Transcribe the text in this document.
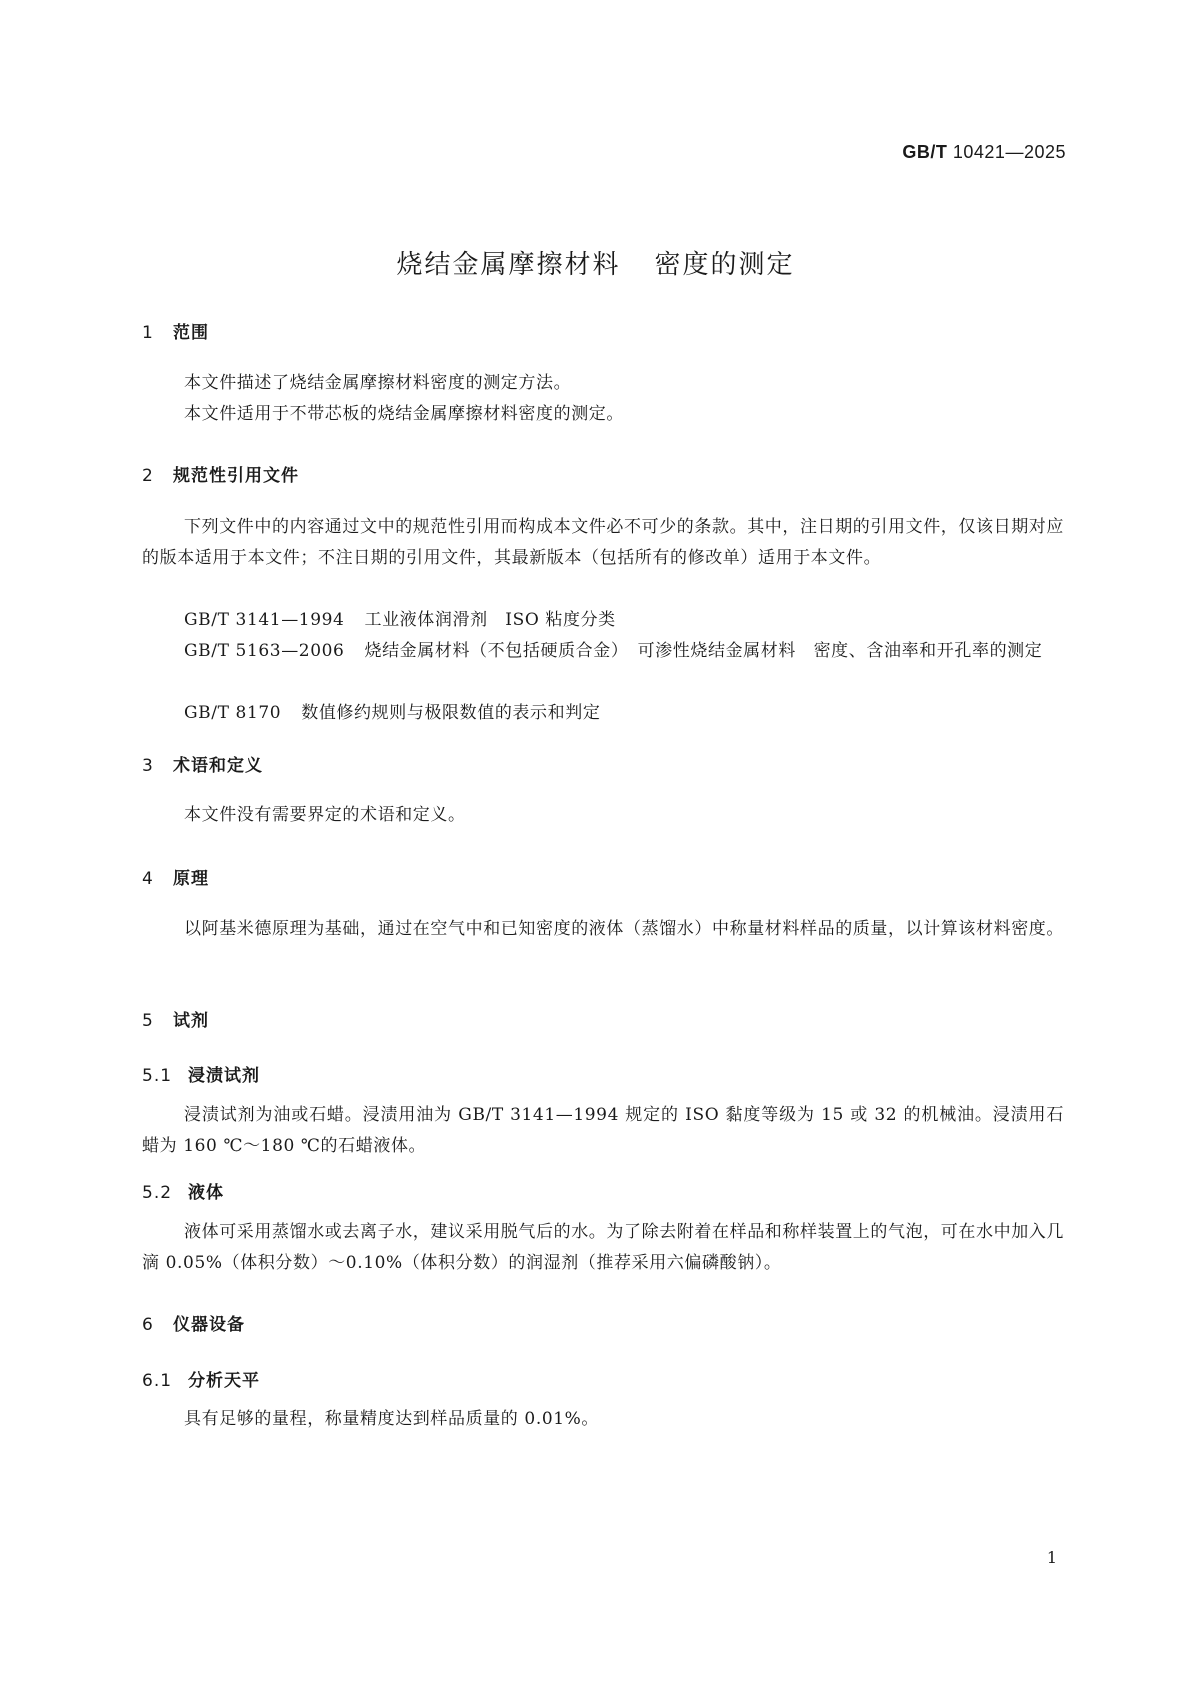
GB/T 10421—2025
烧结金属摩擦材料 密度的测定
1 范围
本文件描述了烧结金属摩擦材料密度的测定方法。
本文件适用于不带芯板的烧结金属摩擦材料密度的测定。
2 规范性引用文件
下列文件中的内容通过文中的规范性引用而构成本文件必不可少的条款。其中，注日期的引用文件，仅该日期对应的版本适用于本文件；不注日期的引用文件，其最新版本（包括所有的修改单）适用于本文件。
GB/T 3141—1994 工业液体润滑剂　ISO 粘度分类
GB/T 5163—2006 烧结金属材料（不包括硬质合金）　可渗性烧结金属材料　密度、含油率和开孔率的测定
GB/T 8170 数值修约规则与极限数值的表示和判定
3 术语和定义
本文件没有需要界定的术语和定义。
4 原理
以阿基米德原理为基础，通过在空气中和已知密度的液体（蒸馏水）中称量材料样品的质量，以计算该材料密度。
5 试剂
5.1 浸渍试剂
浸渍试剂为油或石蜡。浸渍用油为 GB/T 3141—1994 规定的 ISO 黏度等级为 15 或 32 的机械油。浸渍用石蜡为 160 ℃～180 ℃的石蜡液体。
5.2 液体
液体可采用蒸馏水或去离子水，建议采用脱气后的水。为了除去附着在样品和称样装置上的气泡，可在水中加入几滴 0.05%（体积分数）～0.10%（体积分数）的润湿剂（推荐采用六偏磷酸钠）。
6 仪器设备
6.1 分析天平
具有足够的量程，称量精度达到样品质量的 0.01%。
1
